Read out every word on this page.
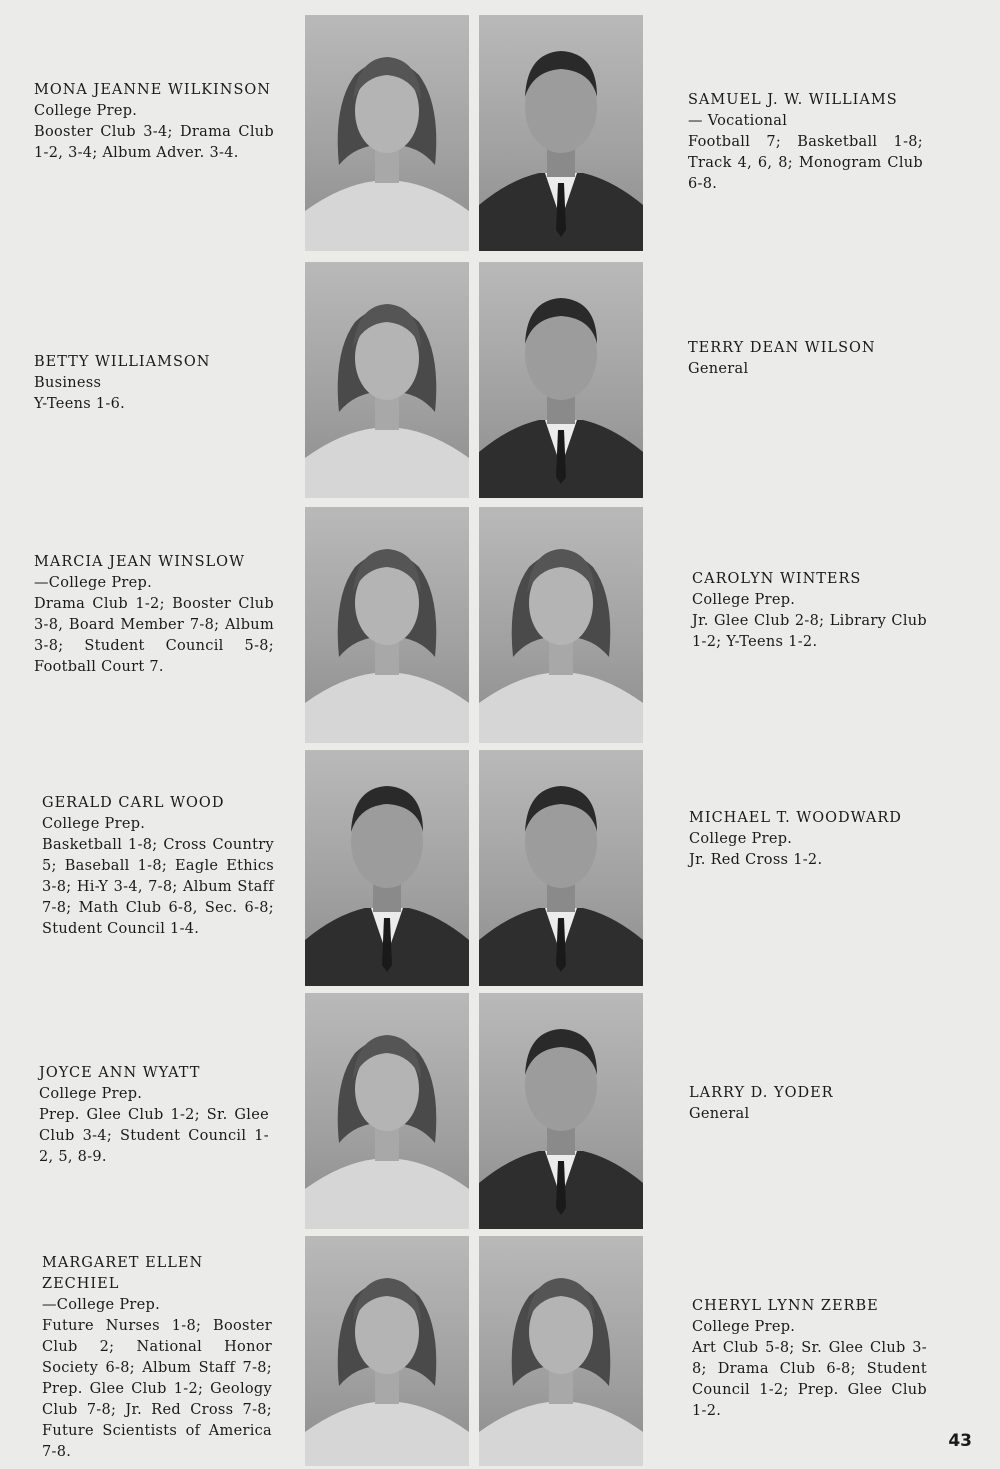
MONA JEANNE WILKINSON
College Prep.
Booster Club 3-4; Drama Club 1-2, 3-4; Album Adver. 3-4.
SAMUEL J. W. WILLIAMS
— Vocational
Football 7; Basketball 1-8; Track 4, 6, 8; Monogram Club 6-8.
BETTY WILLIAMSON
Business
Y-Teens 1-6.
TERRY DEAN WILSON
General
MARCIA JEAN WINSLOW
—College Prep.
Drama Club 1-2; Booster Club 3-8, Board Member 7-8; Album 3-8; Student Council 5-8; Football Court 7.
CAROLYN WINTERS
College Prep.
Jr. Glee Club 2-8; Library Club 1-2; Y-Teens 1-2.
GERALD CARL WOOD
College Prep.
Basketball 1-8; Cross Country 5; Baseball 1-8; Eagle Ethics 3-8; Hi-Y 3-4, 7-8; Album Staff 7-8; Math Club 6-8, Sec. 6-8; Student Council 1-4.
MICHAEL T. WOODWARD
College Prep.
Jr. Red Cross 1-2.
JOYCE ANN WYATT
College Prep.
Prep. Glee Club 1-2; Sr. Glee Club 3-4; Student Council 1-2, 5, 8-9.
LARRY D. YODER
General
MARGARET ELLEN ZECHIEL
—College Prep.
Future Nurses 1-8; Booster Club 2; National Honor Society 6-8; Album Staff 7-8; Prep. Glee Club 1-2; Geology Club 7-8; Jr. Red Cross 7-8; Future Scientists of America 7-8.
CHERYL LYNN ZERBE
College Prep.
Art Club 5-8; Sr. Glee Club 3-8; Drama Club 6-8; Student Council 1-2; Prep. Glee Club 1-2.
43
